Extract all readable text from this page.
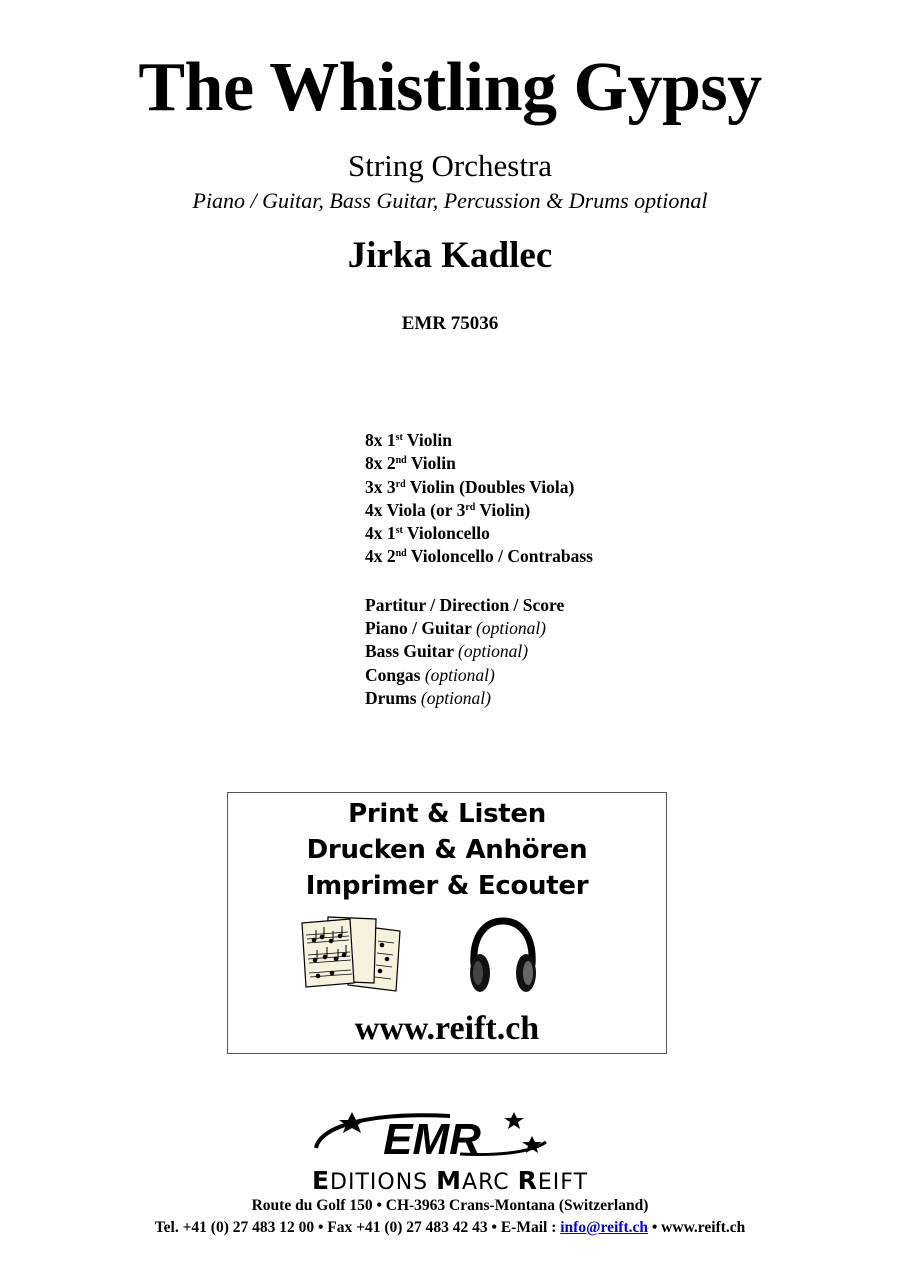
The Whistling Gypsy
String Orchestra
Piano / Guitar, Bass Guitar, Percussion & Drums optional
Jirka Kadlec
EMR 75036
8x 1st Violin
8x 2nd Violin
3x 3rd Violin (Doubles Viola)
4x Viola (or 3rd Violin)
4x 1st Violoncello
4x 2nd Violoncello / Contrabass
Partitur / Direction / Score
Piano / Guitar (optional)
Bass Guitar (optional)
Congas (optional)
Drums (optional)
Print & Listen
Drucken & Anhören
Imprimer & Ecouter
www.reift.ch
EMR
EDITIONS MARC REIFT
Route du Golf 150 • CH-3963 Crans-Montana (Switzerland)
Tel. +41 (0) 27 483 12 00 • Fax +41 (0) 27 483 42 43 • E-Mail : info@reift.ch • www.reift.ch
